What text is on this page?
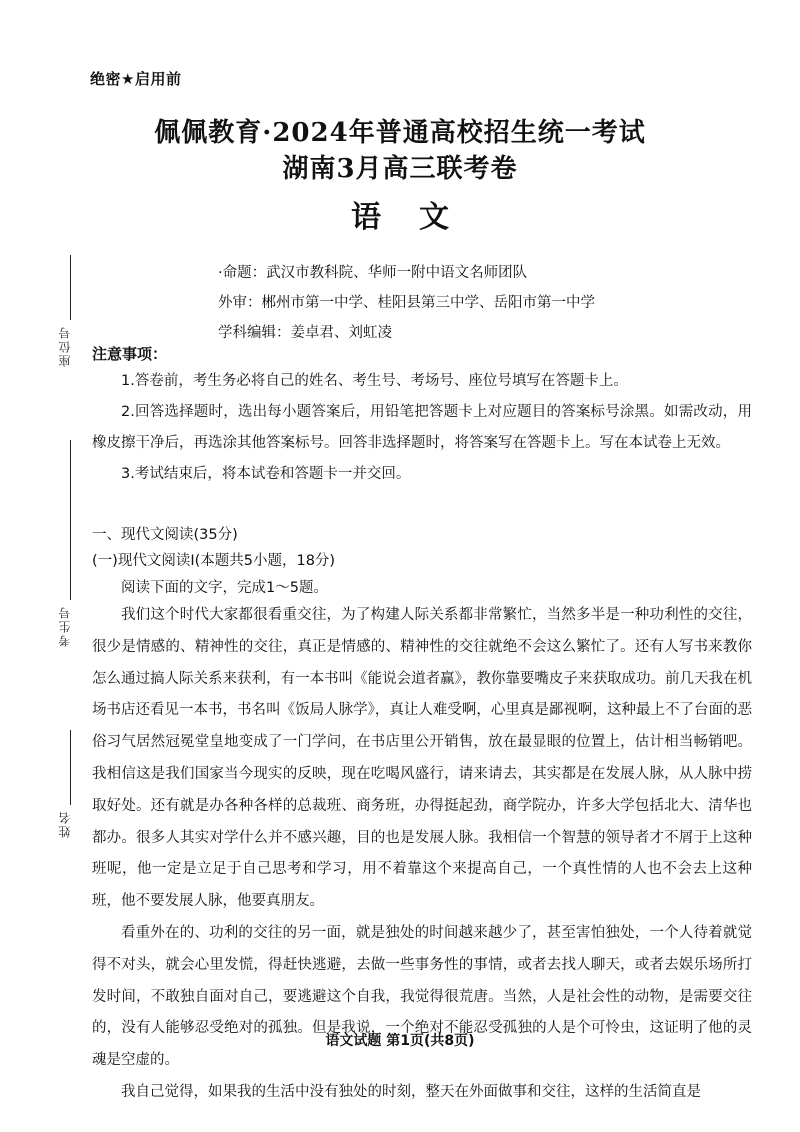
绝密★启用前
佩佩教育·2024年普通高校招生统一考试
湖南3月高三联考卷
语文
·命题：武汉市教科院、华师一附中语文名师团队
外审：郴州市第一中学、桂阳县第三中学、岳阳市第一中学
学科编辑：姜卓君、刘虹凌
座位号
考生号
姓名
注意事项：

1.答卷前，考生务必将自己的姓名、考生号、考场号、座位号填写在答题卡上。

2.回答选择题时，选出每小题答案后，用铅笔把答题卡上对应题目的答案标号涂黑。如需改动，用橡皮擦干净后，再选涂其他答案标号。回答非选择题时，将答案写在答题卡上。写在本试卷上无效。

3.考试结束后，将本试卷和答题卡一并交回。

一、现代文阅读(35分)
(一)现代文阅读Ⅰ(本题共5小题，18分)
阅读下面的文字，完成1～5题。

我们这个时代大家都很看重交往，为了构建人际关系都非常繁忙，当然多半是一种功利性的交往，很少是情感的、精神性的交往，真正是情感的、精神性的交往就绝不会这么繁忙了。还有人写书来教你怎么通过搞人际关系来获利，有一本书叫《能说会道者赢》，教你靠要嘴皮子来获取成功。前几天我在机场书店还看见一本书，书名叫《饭局人脉学》，真让人难受啊，心里真是鄙视啊，这种最上不了台面的恶俗习气居然冠冕堂皇地变成了一门学问，在书店里公开销售，放在最显眼的位置上，估计相当畅销吧。我相信这是我们国家当今现实的反映，现在吃喝风盛行，请来请去，其实都是在发展人脉，从人脉中捞取好处。还有就是办各种各样的总裁班、商务班，办得挺起劲，商学院办，许多大学包括北大、清华也都办。很多人其实对学什么并不感兴趣，目的也是发展人脉。我相信一个智慧的领导者才不屑于上这种班呢，他一定是立足于自己思考和学习，用不着靠这个来提高自己，一个真性情的人也不会去上这种班，他不要发展人脉，他要真朋友。

看重外在的、功利的交往的另一面，就是独处的时间越来越少了，甚至害怕独处，一个人待着就觉得不对头，就会心里发慌，得赶快逃避，去做一些事务性的事情，或者去找人聊天，或者去娱乐场所打发时间，不敢独自面对自己，要逃避这个自我，我觉得很荒唐。当然，人是社会性的动物，是需要交往的，没有人能够忍受绝对的孤独。但是我说，一个绝对不能忍受孤独的人是个可怜虫，这证明了他的灵魂是空虚的。

我自己觉得，如果我的生活中没有独处的时刻，整天在外面做事和交往，这样的生活简直是

语文试题 第1页(共8页)
